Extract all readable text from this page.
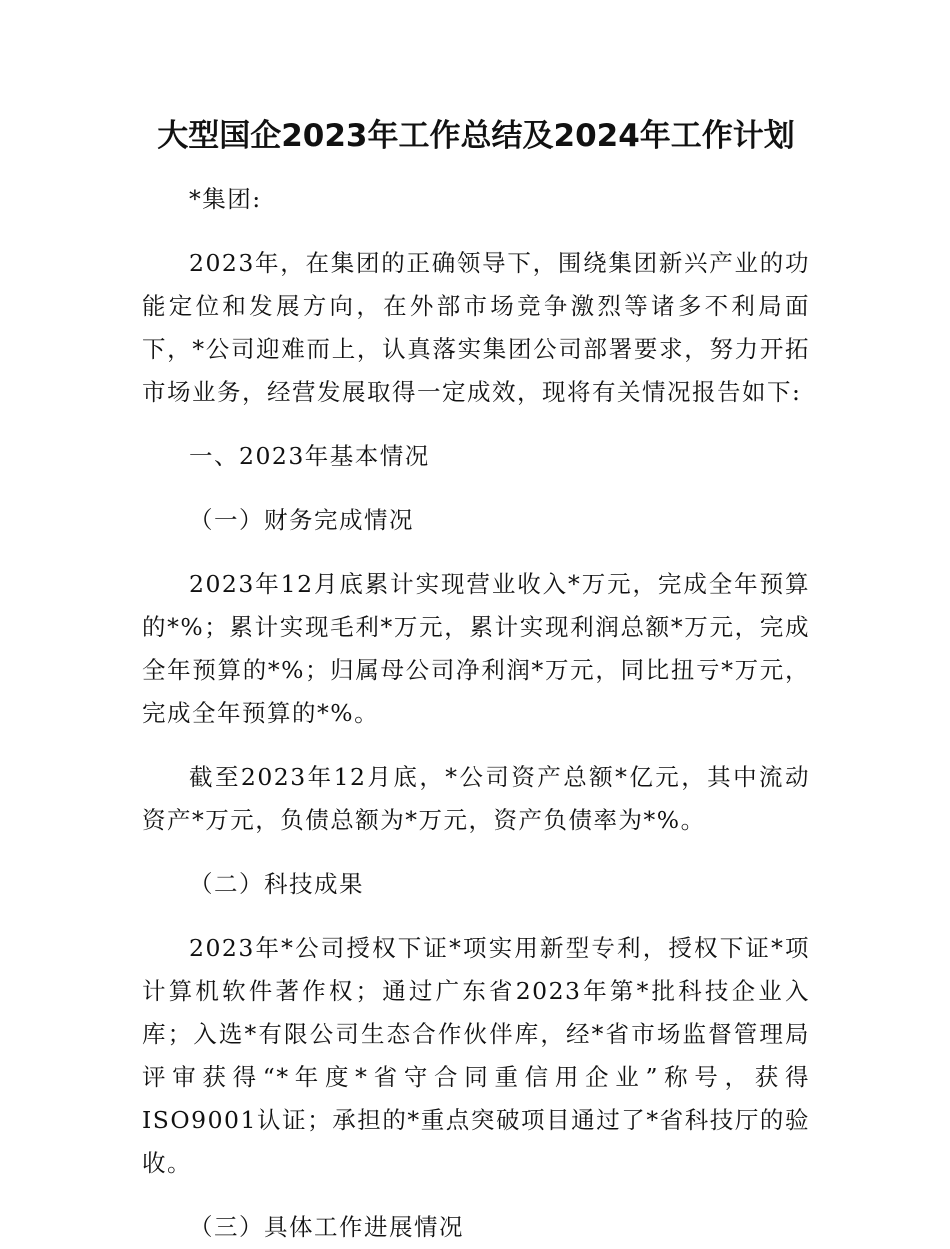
大型国企2023年工作总结及2024年工作计划

*集团:

2023年，在集团的正确领导下，围绕集团新兴产业的功能定位和发展方向，在外部市场竞争激烈等诸多不利局面下，*公司迎难而上，认真落实集团公司部署要求，努力开拓市场业务，经营发展取得一定成效，现将有关情况报告如下:

一、2023年基本情况

（一）财务完成情况

2023年12月底累计实现营业收入*万元，完成全年预算的*%；累计实现毛利*万元，累计实现利润总额*万元，完成全年预算的*%；归属母公司净利润*万元，同比扭亏*万元，完成全年预算的*%。

截至2023年12月底，*公司资产总额*亿元，其中流动资产*万元，负债总额为*万元，资产负债率为*%。

（二）科技成果

2023年*公司授权下证*项实用新型专利，授权下证*项计算机软件著作权；通过广东省2023年第*批科技企业入库；入选*有限公司生态合作伙伴库，经*省市场监督管理局评审获得“*年度*省守合同重信用企业”称号，获得ISO9001认证；承担的*重点突破项目通过了*省科技厅的验收。

（三）具体工作进展情况
